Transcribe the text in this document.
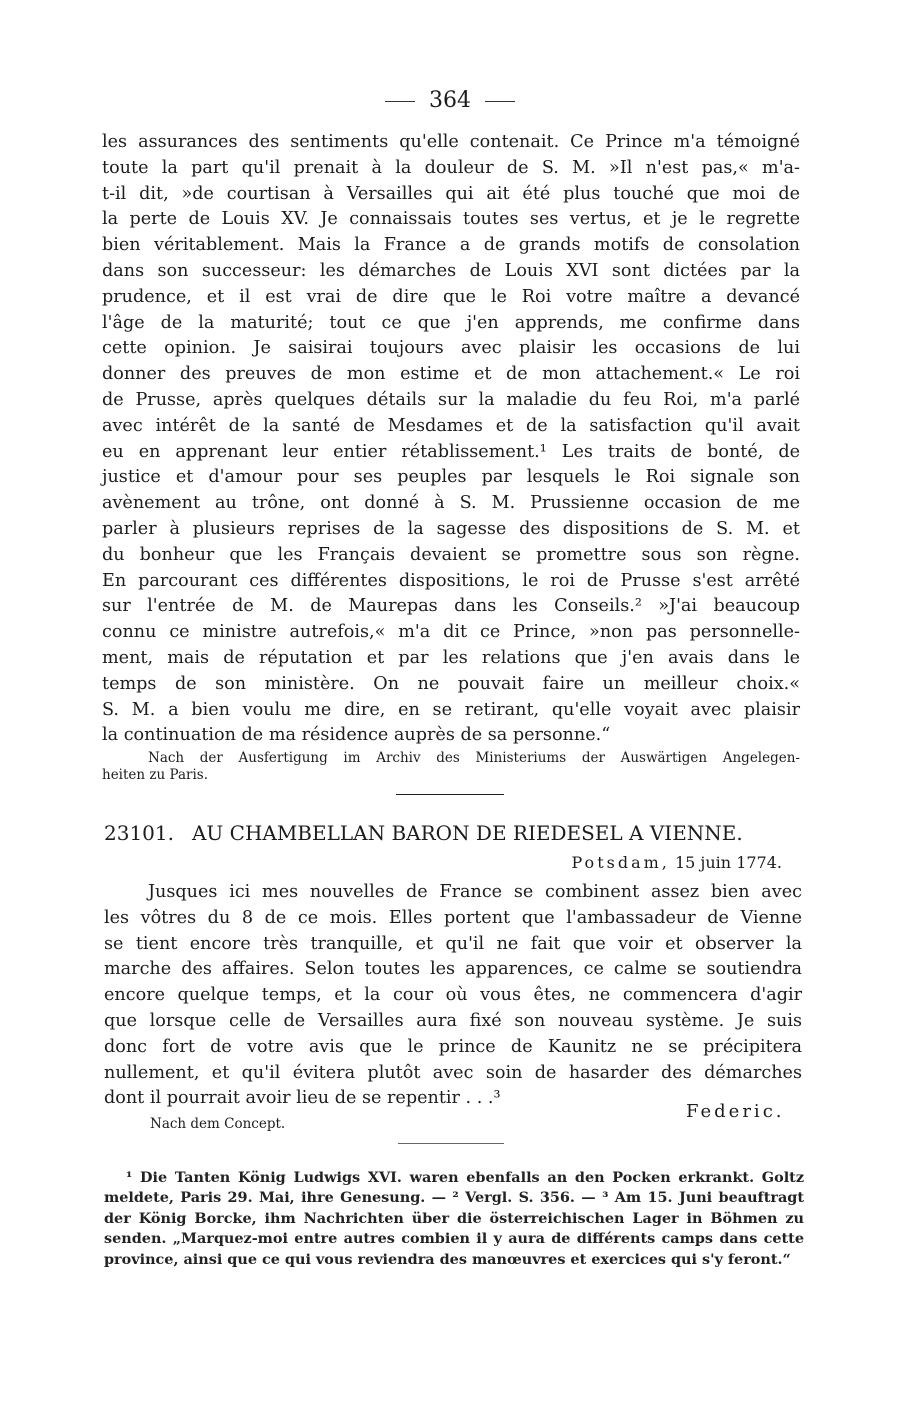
364
les assurances des sentiments qu'elle contenait. Ce Prince m'a témoigné
toute la part qu'il prenait à la douleur de S. M. »Il n'est pas,« m'a-
t-il dit, »de courtisan à Versailles qui ait été plus touché que moi de
la perte de Louis XV. Je connaissais toutes ses vertus, et je le regrette
bien véritablement. Mais la France a de grands motifs de consolation
dans son successeur: les démarches de Louis XVI sont dictées par la
prudence, et il est vrai de dire que le Roi votre maître a devancé
l'âge de la maturité; tout ce que j'en apprends, me confirme dans
cette opinion. Je saisirai toujours avec plaisir les occasions de lui
donner des preuves de mon estime et de mon attachement.« Le roi
de Prusse, après quelques détails sur la maladie du feu Roi, m'a parlé
avec intérêt de la santé de Mesdames et de la satisfaction qu'il avait
eu en apprenant leur entier rétablissement.¹ Les traits de bonté, de
justice et d'amour pour ses peuples par lesquels le Roi signale son
avènement au trône, ont donné à S. M. Prussienne occasion de me
parler à plusieurs reprises de la sagesse des dispositions de S. M. et
du bonheur que les Français devaient se promettre sous son règne.
En parcourant ces différentes dispositions, le roi de Prusse s'est arrêté
sur l'entrée de M. de Maurepas dans les Conseils.² »J'ai beaucoup
connu ce ministre autrefois,« m'a dit ce Prince, »non pas personnelle-
ment, mais de réputation et par les relations que j'en avais dans le
temps de son ministère. On ne pouvait faire un meilleur choix.«
S. M. a bien voulu me dire, en se retirant, qu'elle voyait avec plaisir
la continuation de ma résidence auprès de sa personne.“
Nach der Ausfertigung im Archiv des Ministeriums der Auswärtigen Angelegen-
heiten zu Paris.
23101. AU CHAMBELLAN BARON DE RIEDESEL A VIENNE.
Potsdam, 15 juin 1774.
Jusques ici mes nouvelles de France se combinent assez bien avec
les vôtres du 8 de ce mois. Elles portent que l'ambassadeur de Vienne
se tient encore très tranquille, et qu'il ne fait que voir et observer la
marche des affaires. Selon toutes les apparences, ce calme se soutiendra
encore quelque temps, et la cour où vous êtes, ne commencera d'agir
que lorsque celle de Versailles aura fixé son nouveau système. Je suis
donc fort de votre avis que le prince de Kaunitz ne se précipitera
nullement, et qu'il évitera plutôt avec soin de hasarder des démarches
dont il pourrait avoir lieu de se repentir . . .³
Federic.
Nach dem Concept.
¹ Die Tanten König Ludwigs XVI. waren ebenfalls an den Pocken erkrankt. Goltz
meldete, Paris 29. Mai, ihre Genesung. — ² Vergl. S. 356. — ³ Am 15. Juni beauftragt
der König Borcke, ihm Nachrichten über die österreichischen Lager in Böhmen zu
senden. „Marquez-moi entre autres combien il y aura de différents camps dans cette
province, ainsi que ce qui vous reviendra des manœuvres et exercices qui s'y feront.“
